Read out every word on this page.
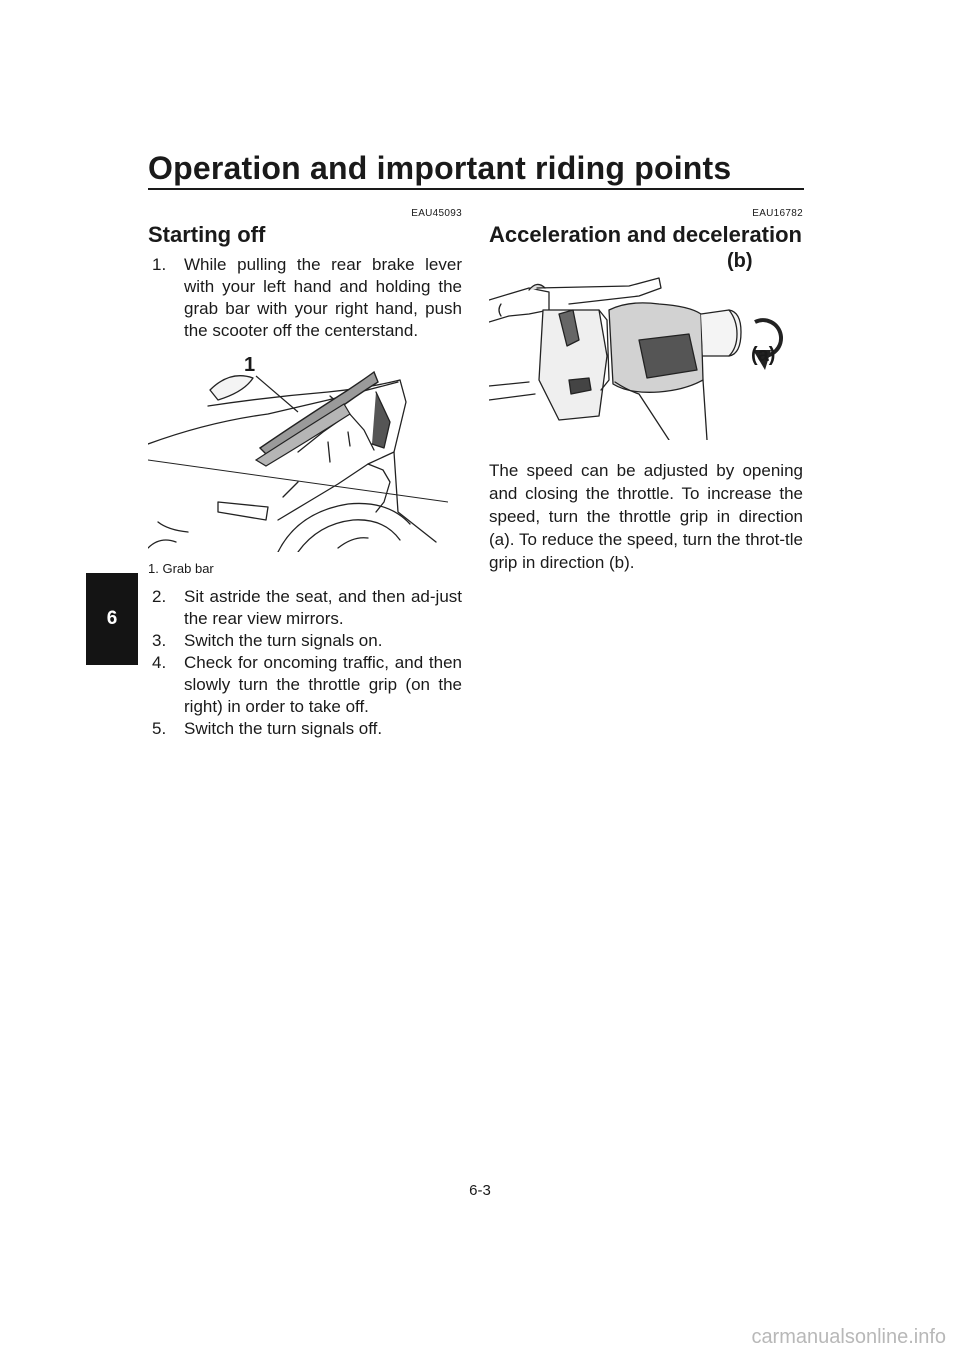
Operation and important riding points
6
EAU45093
Starting off
1. While pulling the rear brake lever with your left hand and holding the grab bar with your right hand, push the scooter off the centerstand.
1
1. Grab bar
2. Sit astride the seat, and then ad-just the rear view mirrors.
3. Switch the turn signals on.
4. Check for oncoming traffic, and then slowly turn the throttle grip (on the right) in order to take off.
5. Switch the turn signals off.
EAU16782
Acceleration and deceleration
(b)
(a)

The speed can be adjusted by opening and closing the throttle. To increase the speed, turn the throttle grip in direction (a). To reduce the speed, turn the throt-tle grip in direction (b).

6-3
carmanualsonline.info
